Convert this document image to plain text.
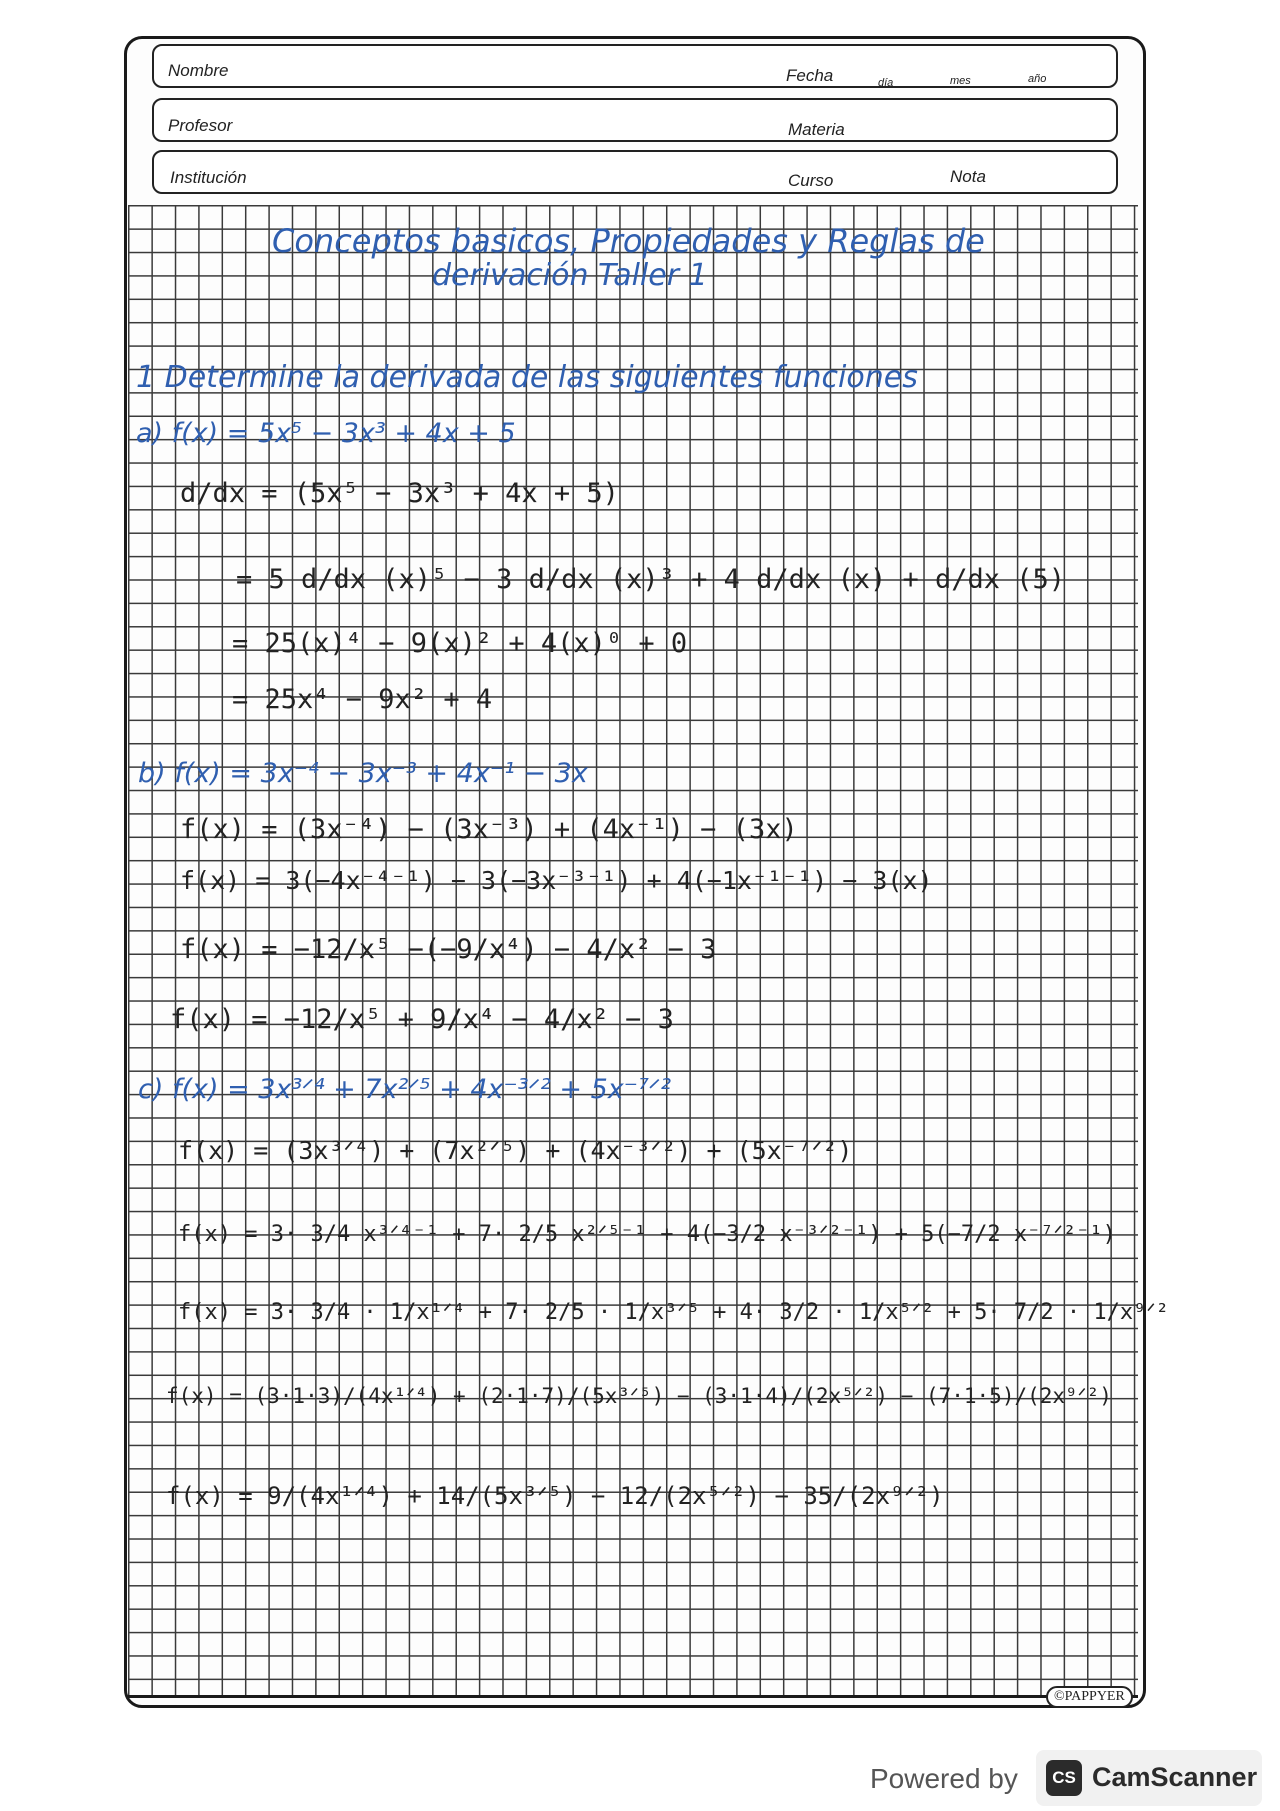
Nombre	Fecha	día	mes	año
Profesor	Materia
Institución	Curso	Nota
Conceptos basicos, Propiedades y Reglas de
derivación Taller 1
1 Determine la derivada de las siguientes funciones
a) f(x) = 5x⁵ − 3x³ + 4x + 5
d/dx = (5x⁵ − 3x³ + 4x + 5)
= 5 d/dx (x)⁵ − 3 d/dx (x)³ + 4 d/dx (x) + d/dx (5)
= 25(x)⁴ − 9(x)² + 4(x)⁰ + 0
= 25x⁴ − 9x² + 4
b) f(x) = 3x⁻⁴ − 3x⁻³ + 4x⁻¹ − 3x
f(x) = (3x⁻⁴) − (3x⁻³) + (4x⁻¹) − (3x)
f(x) = 3(−4x⁻⁴⁻¹) − 3(−3x⁻³⁻¹) + 4(−1x⁻¹⁻¹) − 3(x)
f(x) = −12/x⁵ −(−9/x⁴) − 4/x² − 3
f(x) = −12/x⁵ + 9/x⁴ − 4/x² − 3
c) f(x) = 3x³ᐟ⁴ + 7x²ᐟ⁵ + 4x⁻³ᐟ² + 5x⁻⁷ᐟ²
f(x) = (3x³ᐟ⁴) + (7x²ᐟ⁵) + (4x⁻³ᐟ²) + (5x⁻⁷ᐟ²)
f(x) = 3· 3/4 x³ᐟ⁴⁻¹ + 7· 2/5 x²ᐟ⁵⁻¹ + 4(−3/2 x⁻³ᐟ²⁻¹) + 5(−7/2 x⁻⁷ᐟ²⁻¹)
f(x) = 3· 3/4 · 1/x¹ᐟ⁴ + 7· 2/5 · 1/x³ᐟ⁵ + 4· 3/2 · 1/x⁵ᐟ² + 5· 7/2 · 1/x⁹ᐟ²
f(x) = (3·1·3)/(4x¹ᐟ⁴) + (2·1·7)/(5x³ᐟ⁵) − (3·1·4)/(2x⁵ᐟ²) − (7·1·5)/(2x⁹ᐟ²)
f(x) = 9/(4x¹ᐟ⁴) + 14/(5x³ᐟ⁵) − 12/(2x⁵ᐟ²) − 35/(2x⁹ᐟ²)
©PAPPYER
Powered by	CS CamScanner
